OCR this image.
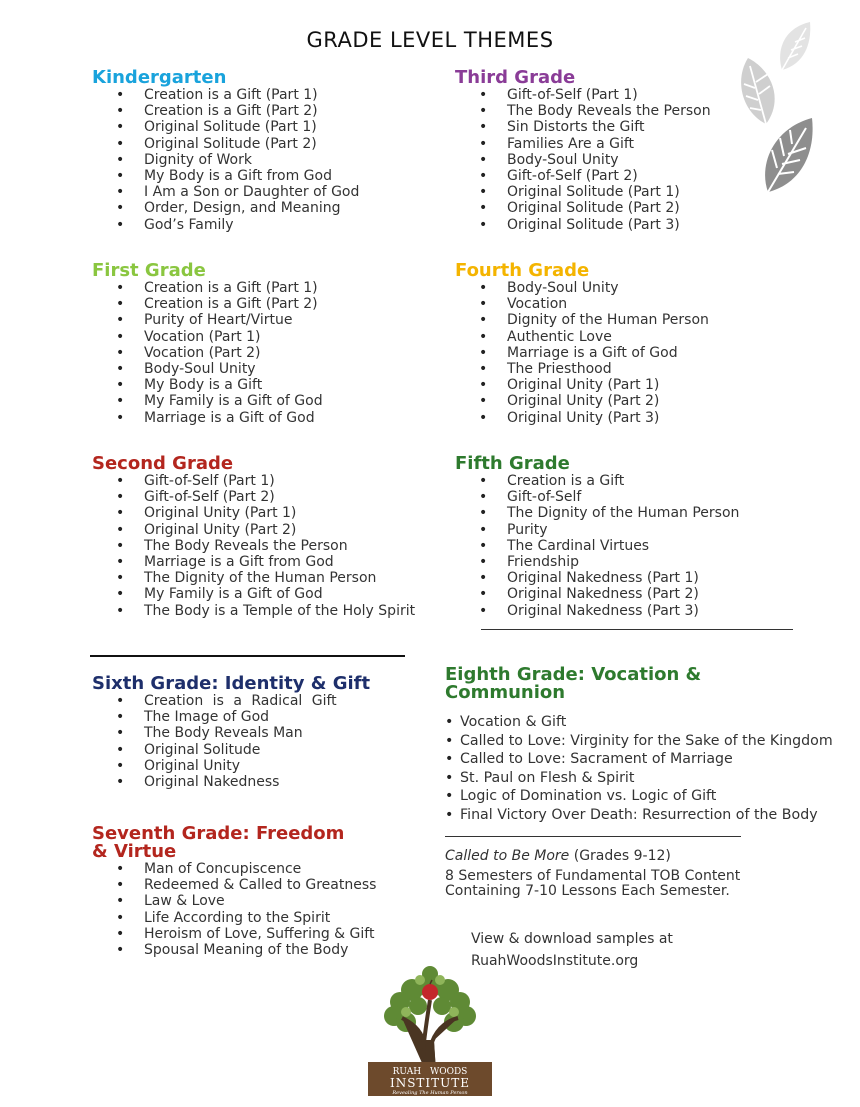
GRADE LEVEL THEMES
Kindergarten
• Creation is a Gift (Part 1)
• Creation is a Gift (Part 2)
• Original Solitude (Part 1)
• Original Solitude (Part 2)
• Dignity of Work
• My Body is a Gift from God
• I Am a Son or Daughter of God
• Order, Design, and Meaning
• God’s Family
First Grade
• Creation is a Gift (Part 1)
• Creation is a Gift (Part 2)
• Purity of Heart/Virtue
• Vocation (Part 1)
• Vocation (Part 2)
• Body-Soul Unity
• My Body is a Gift
• My Family is a Gift of God
• Marriage is a Gift of God
Second Grade
• Gift-of-Self (Part 1)
• Gift-of-Self (Part 2)
• Original Unity (Part 1)
• Original Unity (Part 2)
• The Body Reveals the Person
• Marriage is a Gift from God
• The Dignity of the Human Person
• My Family is a Gift of God
• The Body is a Temple of the Holy Spirit
Third Grade
• Gift-of-Self (Part 1)
• The Body Reveals the Person
• Sin Distorts the Gift
• Families Are a Gift
• Body-Soul Unity
• Gift-of-Self (Part 2)
• Original Solitude (Part 1)
• Original Solitude (Part 2)
• Original Solitude (Part 3)
Fourth Grade
• Body-Soul Unity
• Vocation
• Dignity of the Human Person
• Authentic Love
• Marriage is a Gift of God
• The Priesthood
• Original Unity (Part 1)
• Original Unity (Part 2)
• Original Unity (Part 3)
Fifth Grade
• Creation is a Gift
• Gift-of-Self
• The Dignity of the Human Person
• Purity
• The Cardinal Virtues
• Friendship
• Original Nakedness (Part 1)
• Original Nakedness (Part 2)
• Original Nakedness (Part 3)
Sixth Grade: Identity & Gift
• Creation is a Radical Gift
• The Image of God
• The Body Reveals Man
• Original Solitude
• Original Unity
• Original Nakedness
Seventh Grade: Freedom
& Virtue
• Man of Concupiscence
• Redeemed & Called to Greatness
• Law & Love
• Life According to the Spirit
• Heroism of Love, Suffering & Gift
• Spousal Meaning of the Body
Eighth Grade: Vocation &
Communion
• Vocation & Gift
• Called to Love: Virginity for the Sake of the Kingdom
• Called to Love: Sacrament of Marriage
• St. Paul on Flesh & Spirit
• Logic of Domination vs. Logic of Gift
• Final Victory Over Death: Resurrection of the Body
Called to Be More (Grades 9-12)
8 Semesters of Fundamental TOB Content
Containing 7-10 Lessons Each Semester.
View & download samples at
RuahWoodsInstitute.org
RUAH WOODS
INSTITUTE
Revealing The Human Person
